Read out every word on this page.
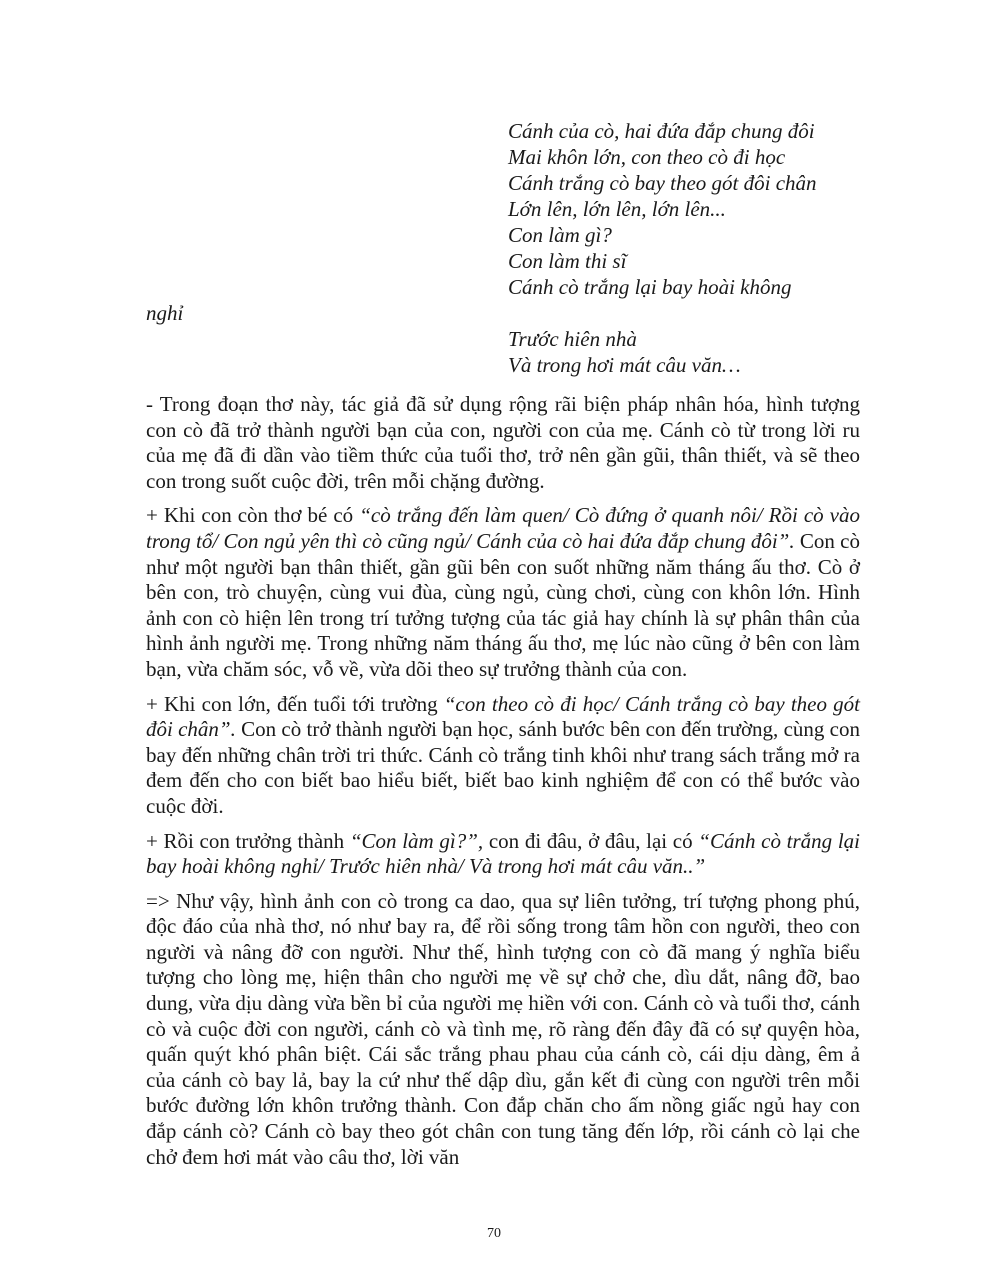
Cánh của cò, hai đứa đắp chung đôi
Mai khôn lớn, con theo cò đi học
Cánh trắng cò bay theo gót đôi chân
Lớn lên, lớn lên, lớn lên...
Con làm gì?
Con làm thi sĩ
Cánh cò trắng lại bay hoài không
nghỉ
Trước hiên nhà
Và trong hơi mát câu văn…

- Trong đoạn thơ này, tác giả đã sử dụng rộng rãi biện pháp nhân hóa, hình tượng con cò đã trở thành người bạn của con, người con của mẹ. Cánh cò từ trong lời ru của mẹ đã đi dần vào tiềm thức của tuổi thơ, trở nên gần gũi, thân thiết, và sẽ theo con trong suốt cuộc đời, trên mỗi chặng đường.

+ Khi con còn thơ bé có “cò trắng đến làm quen/ Cò đứng ở quanh nôi/ Rồi cò vào trong tổ/ Con ngủ yên thì cò cũng ngủ/ Cánh của cò hai đứa đắp chung đôi”. Con cò như một người bạn thân thiết, gần gũi bên con suốt những năm tháng ấu thơ. Cò ở bên con, trò chuyện, cùng vui đùa, cùng ngủ, cùng chơi, cùng con khôn lớn. Hình ảnh con cò hiện lên trong trí tưởng tượng của tác giả hay chính là sự phân thân của hình ảnh người mẹ. Trong những năm tháng ấu thơ, mẹ lúc nào cũng ở bên con làm bạn, vừa chăm sóc, vỗ về, vừa dõi theo sự trưởng thành của con.

+ Khi con lớn, đến tuổi tới trường “con theo cò đi học/ Cánh trắng cò bay theo gót đôi chân”. Con cò trở thành người bạn học, sánh bước bên con đến trường, cùng con bay đến những chân trời tri thức. Cánh cò trắng tinh khôi như trang sách trắng mở ra đem đến cho con biết bao hiểu biết, biết bao kinh nghiệm để con có thể bước vào cuộc đời.

+ Rồi con trưởng thành “Con làm gì?”, con đi đâu, ở đâu, lại có “Cánh cò trắng lại bay hoài không nghỉ/ Trước hiên nhà/ Và trong hơi mát câu văn..”

=> Như vậy, hình ảnh con cò trong ca dao, qua sự liên tưởng, trí tượng phong phú, độc đáo của nhà thơ, nó như bay ra, để rồi sống trong tâm hồn con người, theo con người và nâng đỡ con người. Như thế, hình tượng con cò đã mang ý nghĩa biểu tượng cho lòng mẹ, hiện thân cho người mẹ về sự chở che, dìu dắt, nâng đỡ, bao dung, vừa dịu dàng vừa bền bỉ của người mẹ hiền với con. Cánh cò và tuổi thơ, cánh cò và cuộc đời con người, cánh cò và tình mẹ, rõ ràng đến đây đã có sự quyện hòa, quấn quýt khó phân biệt. Cái sắc trắng phau phau của cánh cò, cái dịu dàng, êm ả của cánh cò bay lả, bay la cứ như thế dập dìu, gắn kết đi cùng con người trên mỗi bước đường lớn khôn trưởng thành. Con đắp chăn cho ấm nồng giấc ngủ hay con đắp cánh cò? Cánh cò bay theo gót chân con tung tăng đến lớp, rồi cánh cò lại che chở đem hơi mát vào câu thơ, lời văn

70
